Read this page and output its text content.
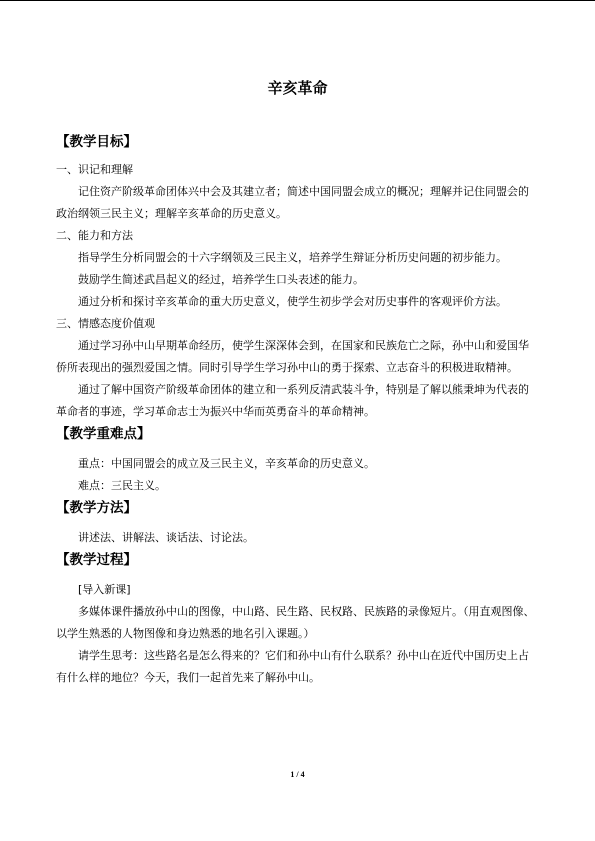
辛亥革命
【教学目标】

一、识记和理解

记住资产阶级革命团体兴中会及其建立者；简述中国同盟会成立的概况；理解并记住同盟会的政治纲领三民主义；理解辛亥革命的历史意义。

二、能力和方法

指导学生分析同盟会的十六字纲领及三民主义，培养学生辩证分析历史问题的初步能力。

鼓励学生简述武昌起义的经过，培养学生口头表述的能力。

通过分析和探讨辛亥革命的重大历史意义，使学生初步学会对历史事件的客观评价方法。

三、情感态度价值观

通过学习孙中山早期革命经历，使学生深深体会到，在国家和民族危亡之际，孙中山和爱国华侨所表现出的强烈爱国之情。同时引导学生学习孙中山的勇于探索、立志奋斗的积极进取精神。

通过了解中国资产阶级革命团体的建立和一系列反清武装斗争，特别是了解以熊秉坤为代表的革命者的事迹，学习革命志士为振兴中华而英勇奋斗的革命精神。

【教学重难点】

重点：中国同盟会的成立及三民主义，辛亥革命的历史意义。

难点：三民主义。

【教学方法】

讲述法、讲解法、谈话法、讨论法。

【教学过程】

[导入新课]

多媒体课件播放孙中山的图像，中山路、民生路、民权路、民族路的录像短片。（用直观图像、以学生熟悉的人物图像和身边熟悉的地名引入课题。）

请学生思考：这些路名是怎么得来的？它们和孙中山有什么联系？孙中山在近代中国历史上占有什么样的地位？今天，我们一起首先来了解孙中山。

1 / 4
